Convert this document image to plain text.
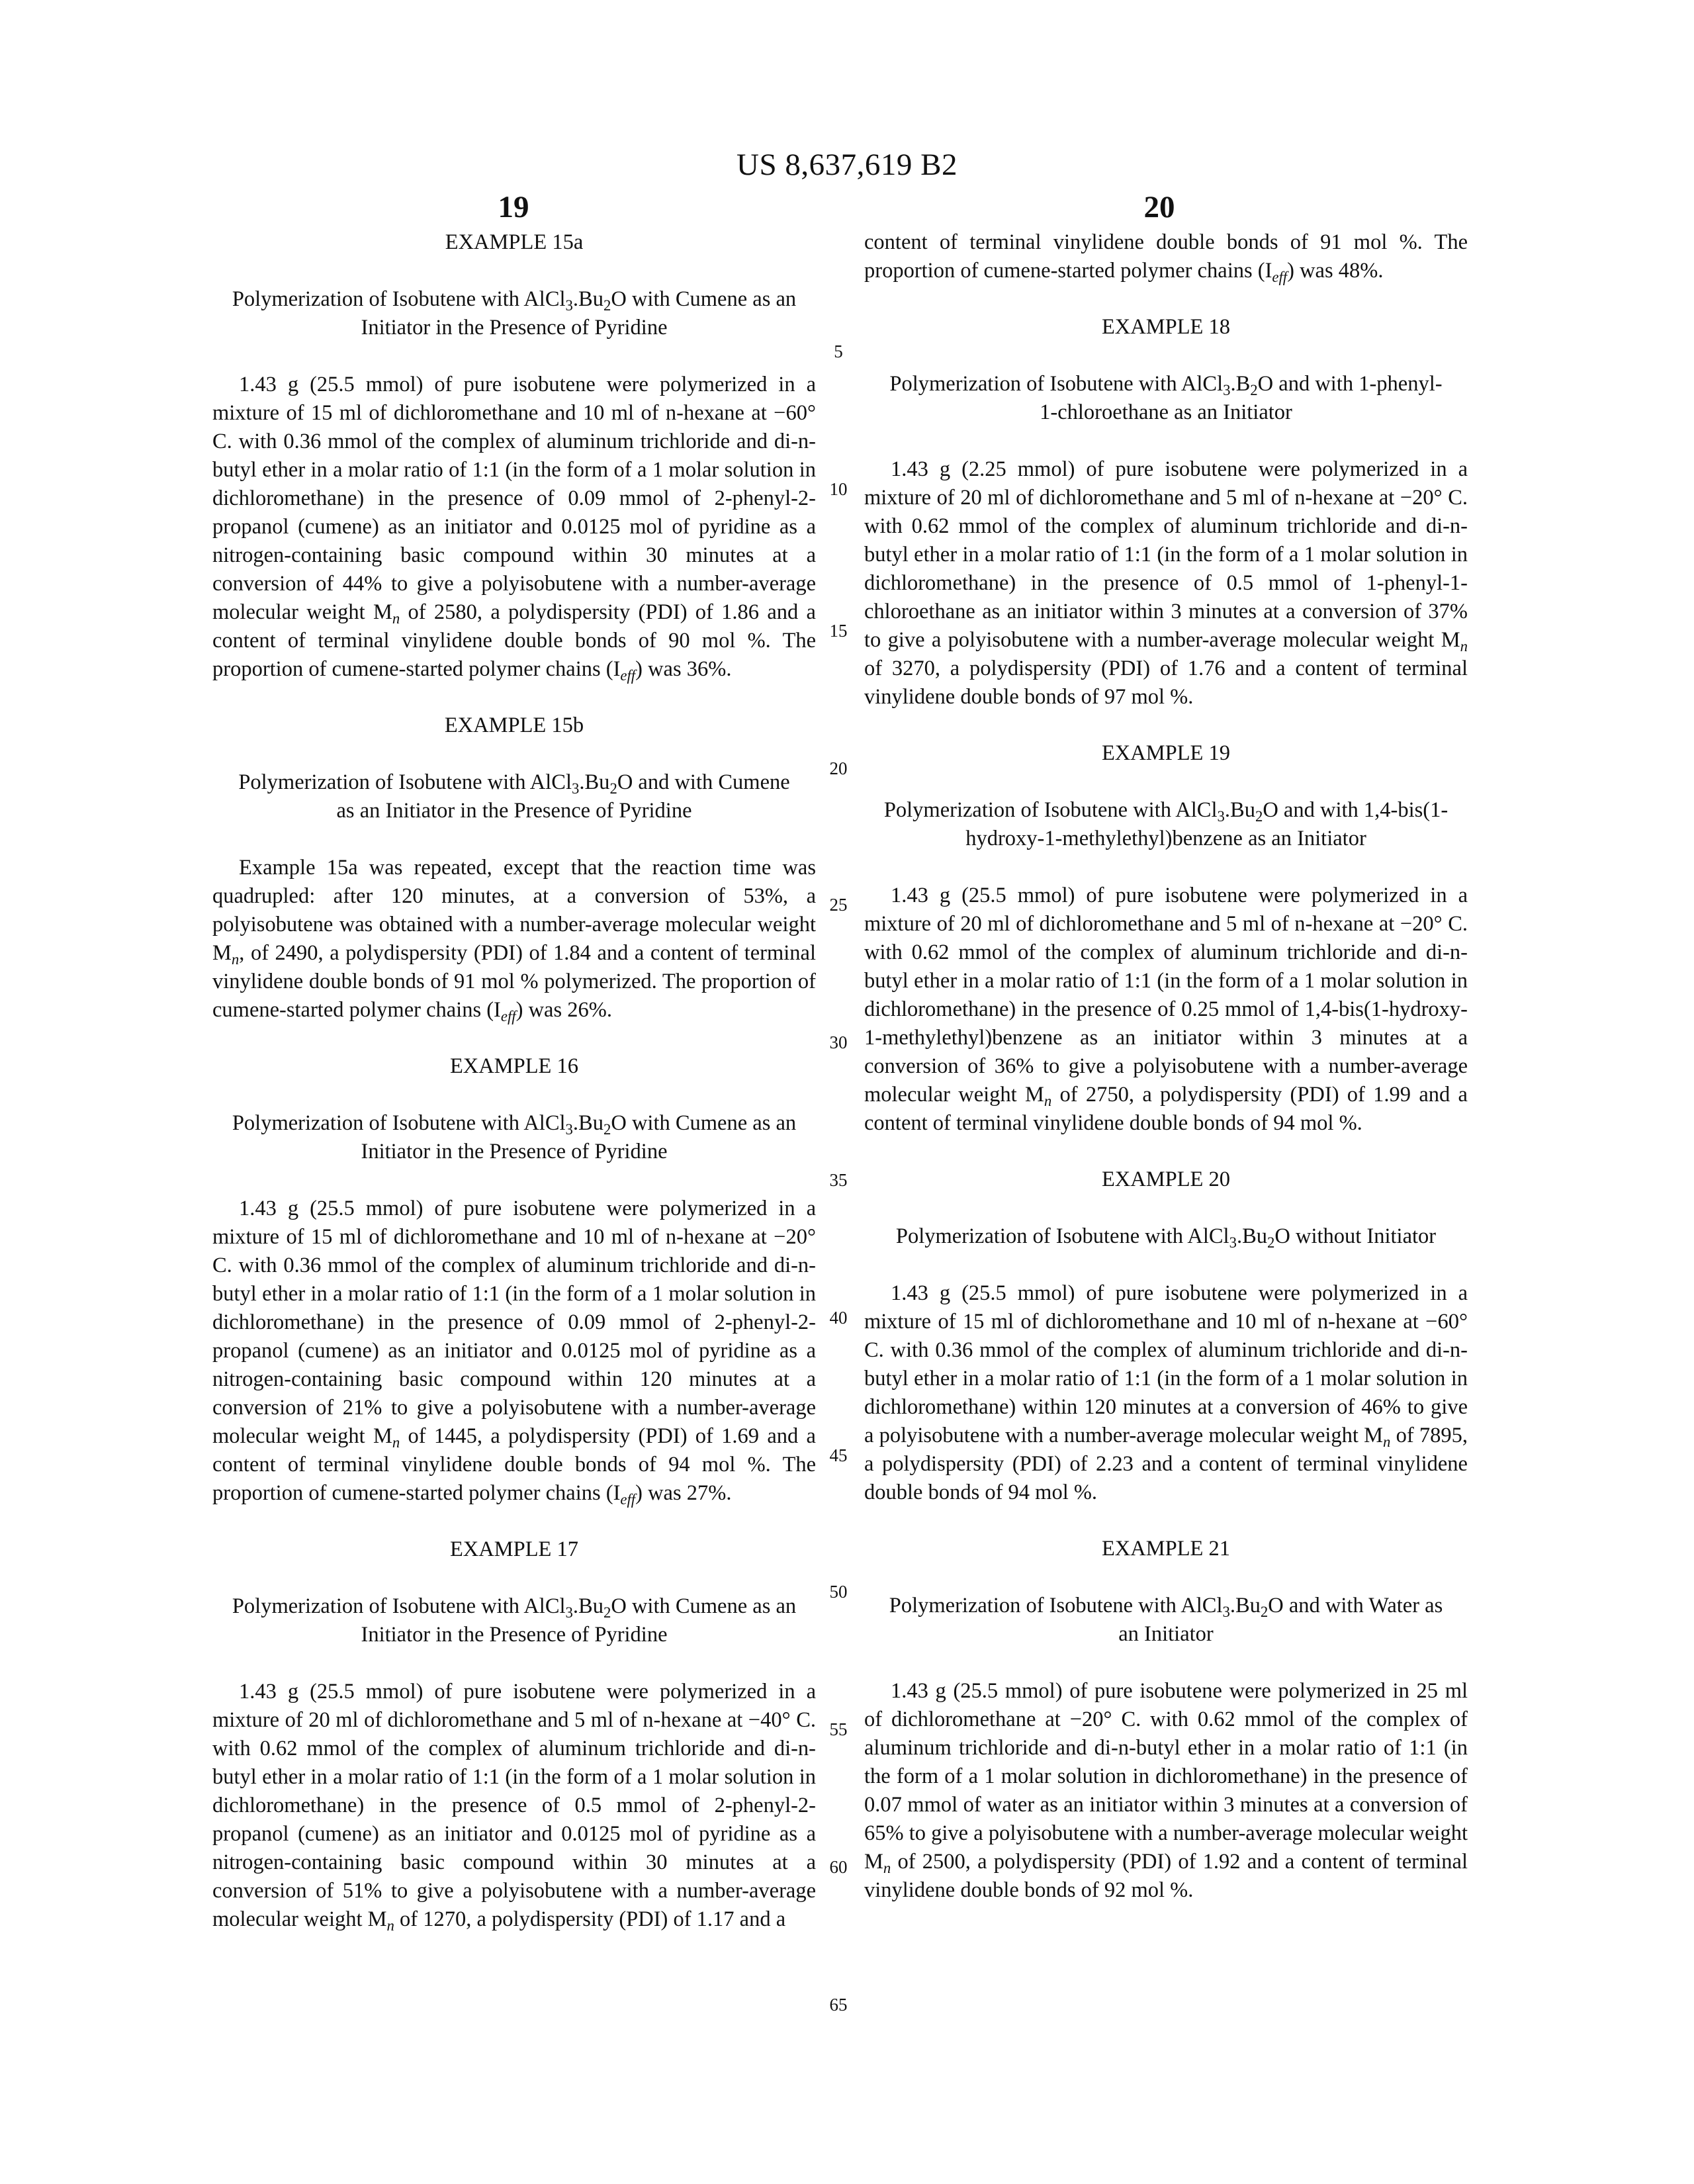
US 8,637,619 B2
19	20
5
10
15
20
25
30
35
40
45
50
55
60
65

EXAMPLE 15a

Polymerization of Isobutene with $AlCl_3.Bu_2O$ with Cumene as an Initiator in the Presence of Pyridine

1.43 g (25.5 mmol) of pure isobutene were polymerized in a mixture of 15 ml of dichloromethane and 10 ml of n-hexane at −60° C. with 0.36 mmol of the complex of aluminum trichloride and di-n-butyl ether in a molar ratio of 1:1 (in the form of a 1 molar solution in dichloromethane) in the presence of 0.09 mmol of 2-phenyl-2-propanol (cumene) as an initiator and 0.0125 mol of pyridine as a nitrogen-containing basic compound within 30 minutes at a conversion of 44% to give a polyisobutene with a number-average molecular weight $M_n$ of 2580, a polydispersity (PDI) of 1.86 and a content of terminal vinylidene double bonds of 90 mol %. The proportion of cumene-started polymer chains $(I_{eff})$ was 36%.

EXAMPLE 15b

Polymerization of Isobutene with $AlCl_3.Bu_2O$ and with Cumene as an Initiator in the Presence of Pyridine

Example 15a was repeated, except that the reaction time was quadrupled: after 120 minutes, at a conversion of 53%, a polyisobutene was obtained with a number-average molecular weight $M_n$, of 2490, a polydispersity (PDI) of 1.84 and a content of terminal vinylidene double bonds of 91 mol % polymerized. The proportion of cumene-started polymer chains $(I_{eff})$ was 26%.

EXAMPLE 16

Polymerization of Isobutene with $AlCl_3.Bu_2O$ with Cumene as an Initiator in the Presence of Pyridine

1.43 g (25.5 mmol) of pure isobutene were polymerized in a mixture of 15 ml of dichloromethane and 10 ml of n-hexane at −20° C. with 0.36 mmol of the complex of aluminum trichloride and di-n-butyl ether in a molar ratio of 1:1 (in the form of a 1 molar solution in dichloromethane) in the presence of 0.09 mmol of 2-phenyl-2-propanol (cumene) as an initiator and 0.0125 mol of pyridine as a nitrogen-containing basic compound within 120 minutes at a conversion of 21% to give a polyisobutene with a number-average molecular weight $M_n$ of 1445, a polydispersity (PDI) of 1.69 and a content of terminal vinylidene double bonds of 94 mol %. The proportion of cumene-started polymer chains $(I_{eff})$ was 27%.

EXAMPLE 17

Polymerization of Isobutene with $AlCl_3.Bu_2O$ with Cumene as an Initiator in the Presence of Pyridine

1.43 g (25.5 mmol) of pure isobutene were polymerized in a mixture of 20 ml of dichloromethane and 5 ml of n-hexane at −40° C. with 0.62 mmol of the complex of aluminum trichloride and di-n-butyl ether in a molar ratio of 1:1 (in the form of a 1 molar solution in dichloromethane) in the presence of 0.5 mmol of 2-phenyl-2-propanol (cumene) as an initiator and 0.0125 mol of pyridine as a nitrogen-containing basic compound within 30 minutes at a conversion of 51% to give a polyisobutene with a number-average molecular weight $M_n$ of 1270, a polydispersity (PDI) of 1.17 and a

content of terminal vinylidene double bonds of 91 mol %. The proportion of cumene-started polymer chains $(I_{eff})$ was 48%.

EXAMPLE 18

Polymerization of Isobutene with $AlCl_3.B_2O$ and with 1-phenyl-1-chloroethane as an Initiator

1.43 g (2.25 mmol) of pure isobutene were polymerized in a mixture of 20 ml of dichloromethane and 5 ml of n-hexane at −20° C. with 0.62 mmol of the complex of aluminum trichloride and di-n-butyl ether in a molar ratio of 1:1 (in the form of a 1 molar solution in dichloromethane) in the presence of 0.5 mmol of 1-phenyl-1-chloroethane as an initiator within 3 minutes at a conversion of 37% to give a polyisobutene with a number-average molecular weight $M_n$ of 3270, a polydispersity (PDI) of 1.76 and a content of terminal vinylidene double bonds of 97 mol %.

EXAMPLE 19

Polymerization of Isobutene with $AlCl_3.Bu_2O$ and with 1,4-bis(1-hydroxy-1-methylethyl)benzene as an Initiator

1.43 g (25.5 mmol) of pure isobutene were polymerized in a mixture of 20 ml of dichloromethane and 5 ml of n-hexane at −20° C. with 0.62 mmol of the complex of aluminum trichloride and di-n-butyl ether in a molar ratio of 1:1 (in the form of a 1 molar solution in dichloromethane) in the presence of 0.25 mmol of 1,4-bis(1-hydroxy-1-methylethyl)benzene as an initiator within 3 minutes at a conversion of 36% to give a polyisobutene with a number-average molecular weight $M_n$ of 2750, a polydispersity (PDI) of 1.99 and a content of terminal vinylidene double bonds of 94 mol %.

EXAMPLE 20

Polymerization of Isobutene with $AlCl_3.Bu_2O$ without Initiator

1.43 g (25.5 mmol) of pure isobutene were polymerized in a mixture of 15 ml of dichloromethane and 10 ml of n-hexane at −60° C. with 0.36 mmol of the complex of aluminum trichloride and di-n-butyl ether in a molar ratio of 1:1 (in the form of a 1 molar solution in dichloromethane) within 120 minutes at a conversion of 46% to give a polyisobutene with a number-average molecular weight $M_n$ of 7895, a polydispersity (PDI) of 2.23 and a content of terminal vinylidene double bonds of 94 mol %.

EXAMPLE 21

Polymerization of Isobutene with $AlCl_3.Bu_2O$ and with Water as an Initiator

1.43 g (25.5 mmol) of pure isobutene were polymerized in 25 ml of dichloromethane at −20° C. with 0.62 mmol of the complex of aluminum trichloride and di-n-butyl ether in a molar ratio of 1:1 (in the form of a 1 molar solution in dichloromethane) in the presence of 0.07 mmol of water as an initiator within 3 minutes at a conversion of 65% to give a polyisobutene with a number-average molecular weight $M_n$ of 2500, a polydispersity (PDI) of 1.92 and a content of terminal vinylidene double bonds of 92 mol %.
